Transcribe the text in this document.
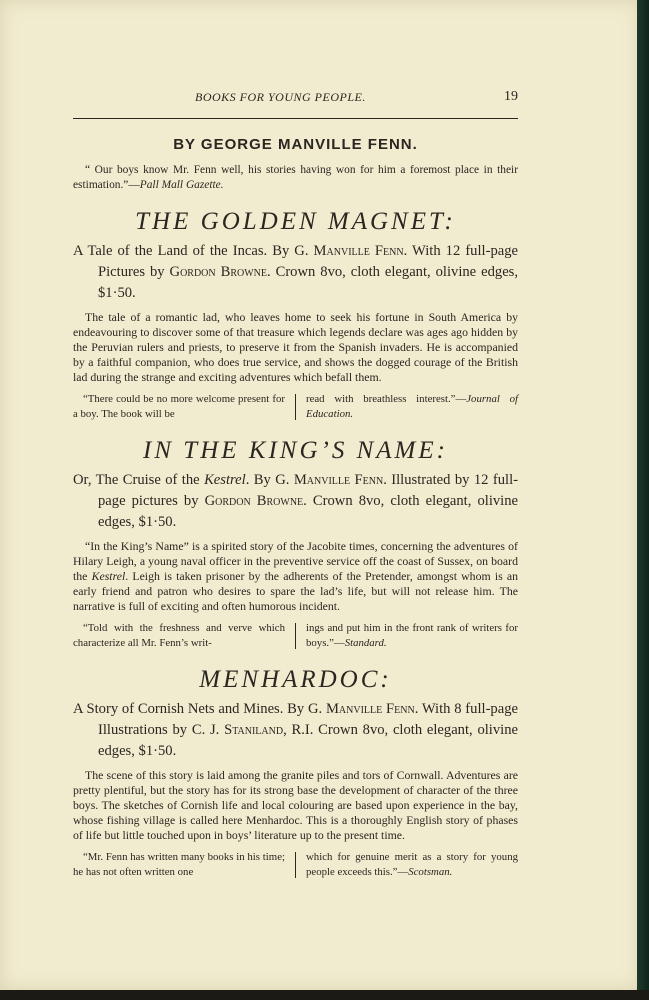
BOOKS FOR YOUNG PEOPLE.	19
BY GEORGE MANVILLE FENN.
“ Our boys know Mr. Fenn well, his stories having won for him a foremost place in their estimation.”—Pall Mall Gazette.
THE GOLDEN MAGNET:
A Tale of the Land of the Incas. By G. Manville Fenn. With 12 full-page Pictures by Gordon Browne. Crown 8vo, cloth elegant, olivine edges, $1·50.
The tale of a romantic lad, who leaves home to seek his fortune in South America by endeavouring to discover some of that treasure which legends declare was ages ago hidden by the Peruvian rulers and priests, to preserve it from the Spanish invaders. He is accompanied by a faithful companion, who does true service, and shows the dogged courage of the British lad during the strange and exciting adventures which befall them.
“There could be no more welcome present for a boy. The book will be
read with breathless interest.”—Journal of Education.
IN THE KING’S NAME:
Or, The Cruise of the Kestrel. By G. Manville Fenn. Illustrated by 12 full-page pictures by Gordon Browne. Crown 8vo, cloth elegant, olivine edges, $1·50.
“In the King’s Name” is a spirited story of the Jacobite times, concerning the adventures of Hilary Leigh, a young naval officer in the preventive service off the coast of Sussex, on board the Kestrel. Leigh is taken prisoner by the adherents of the Pretender, amongst whom is an early friend and patron who desires to spare the lad’s life, but will not release him. The narrative is full of exciting and often humorous incident.
“Told with the freshness and verve which characterize all Mr. Fenn’s writ-
ings and put him in the front rank of writers for boys.”—Standard.
MENHARDOC:
A Story of Cornish Nets and Mines. By G. Manville Fenn. With 8 full-page Illustrations by C. J. Staniland, R.I. Crown 8vo, cloth elegant, olivine edges, $1·50.
The scene of this story is laid among the granite piles and tors of Cornwall. Adventures are pretty plentiful, but the story has for its strong base the development of character of the three boys. The sketches of Cornish life and local colouring are based upon experience in the bay, whose fishing village is called here Menhardoc. This is a thoroughly English story of phases of life but little touched upon in boys’ literature up to the present time.
“Mr. Fenn has written many books in his time; he has not often written one
which for genuine merit as a story for young people exceeds this.”—Scotsman.
